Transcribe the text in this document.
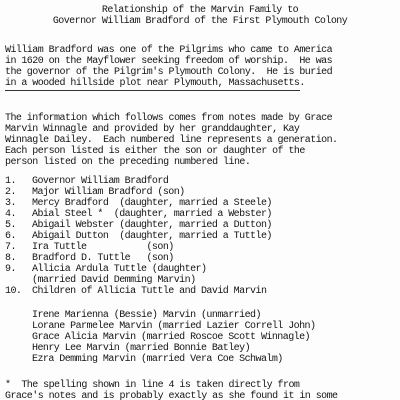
Relationship of the Marvin Family to
Governor William Bradford of the First Plymouth Colony
William Bradford was one of the Pilgrims who came to America
in 1620 on the Mayflower seeking freedom of worship.  He was
the governor of the Pilgrim's Plymouth Colony.  He is buried
in a wooded hillside plot near Plymouth, Massachusetts.
The information which follows comes from notes made by Grace
Marvin Winnagle and provided by her granddaughter, Kay
Winnagle Dailey.  Each numbered line represents a generation.
Each person listed is either the son or daughter of the
person listed on the preceding numbered line.
1. Governor William Bradford
2. Major William Bradford (son)
3. Mercy Bradford  (daughter, married a Steele)
4. Abial Steel *  (daughter, married a Webster)
5. Abigail Webster (daughter, married a Dutton)
6. Abigail Dutton  (daughter, married a Tuttle)
7. Ira Tuttle           (son)
8. Bradford D. Tuttle   (son)
9. Allicia Ardula Tuttle (daughter)
(married David Demming Marvin)
10. Children of Allicia Tuttle and David Marvin
Irene Marienna (Bessie) Marvin (unmarried)
Lorane Parmelee Marvin (married Lazier Correll John)
Grace Alicia Marvin (married Roscoe Scott Winnagle)
Henry Lee Marvin (married Bonnie Batley)
Ezra Demming Marvin (married Vera Coe Schwalm)
*  The spelling shown in line 4 is taken directly from
Grace's notes and is probably exactly as she found it in some
